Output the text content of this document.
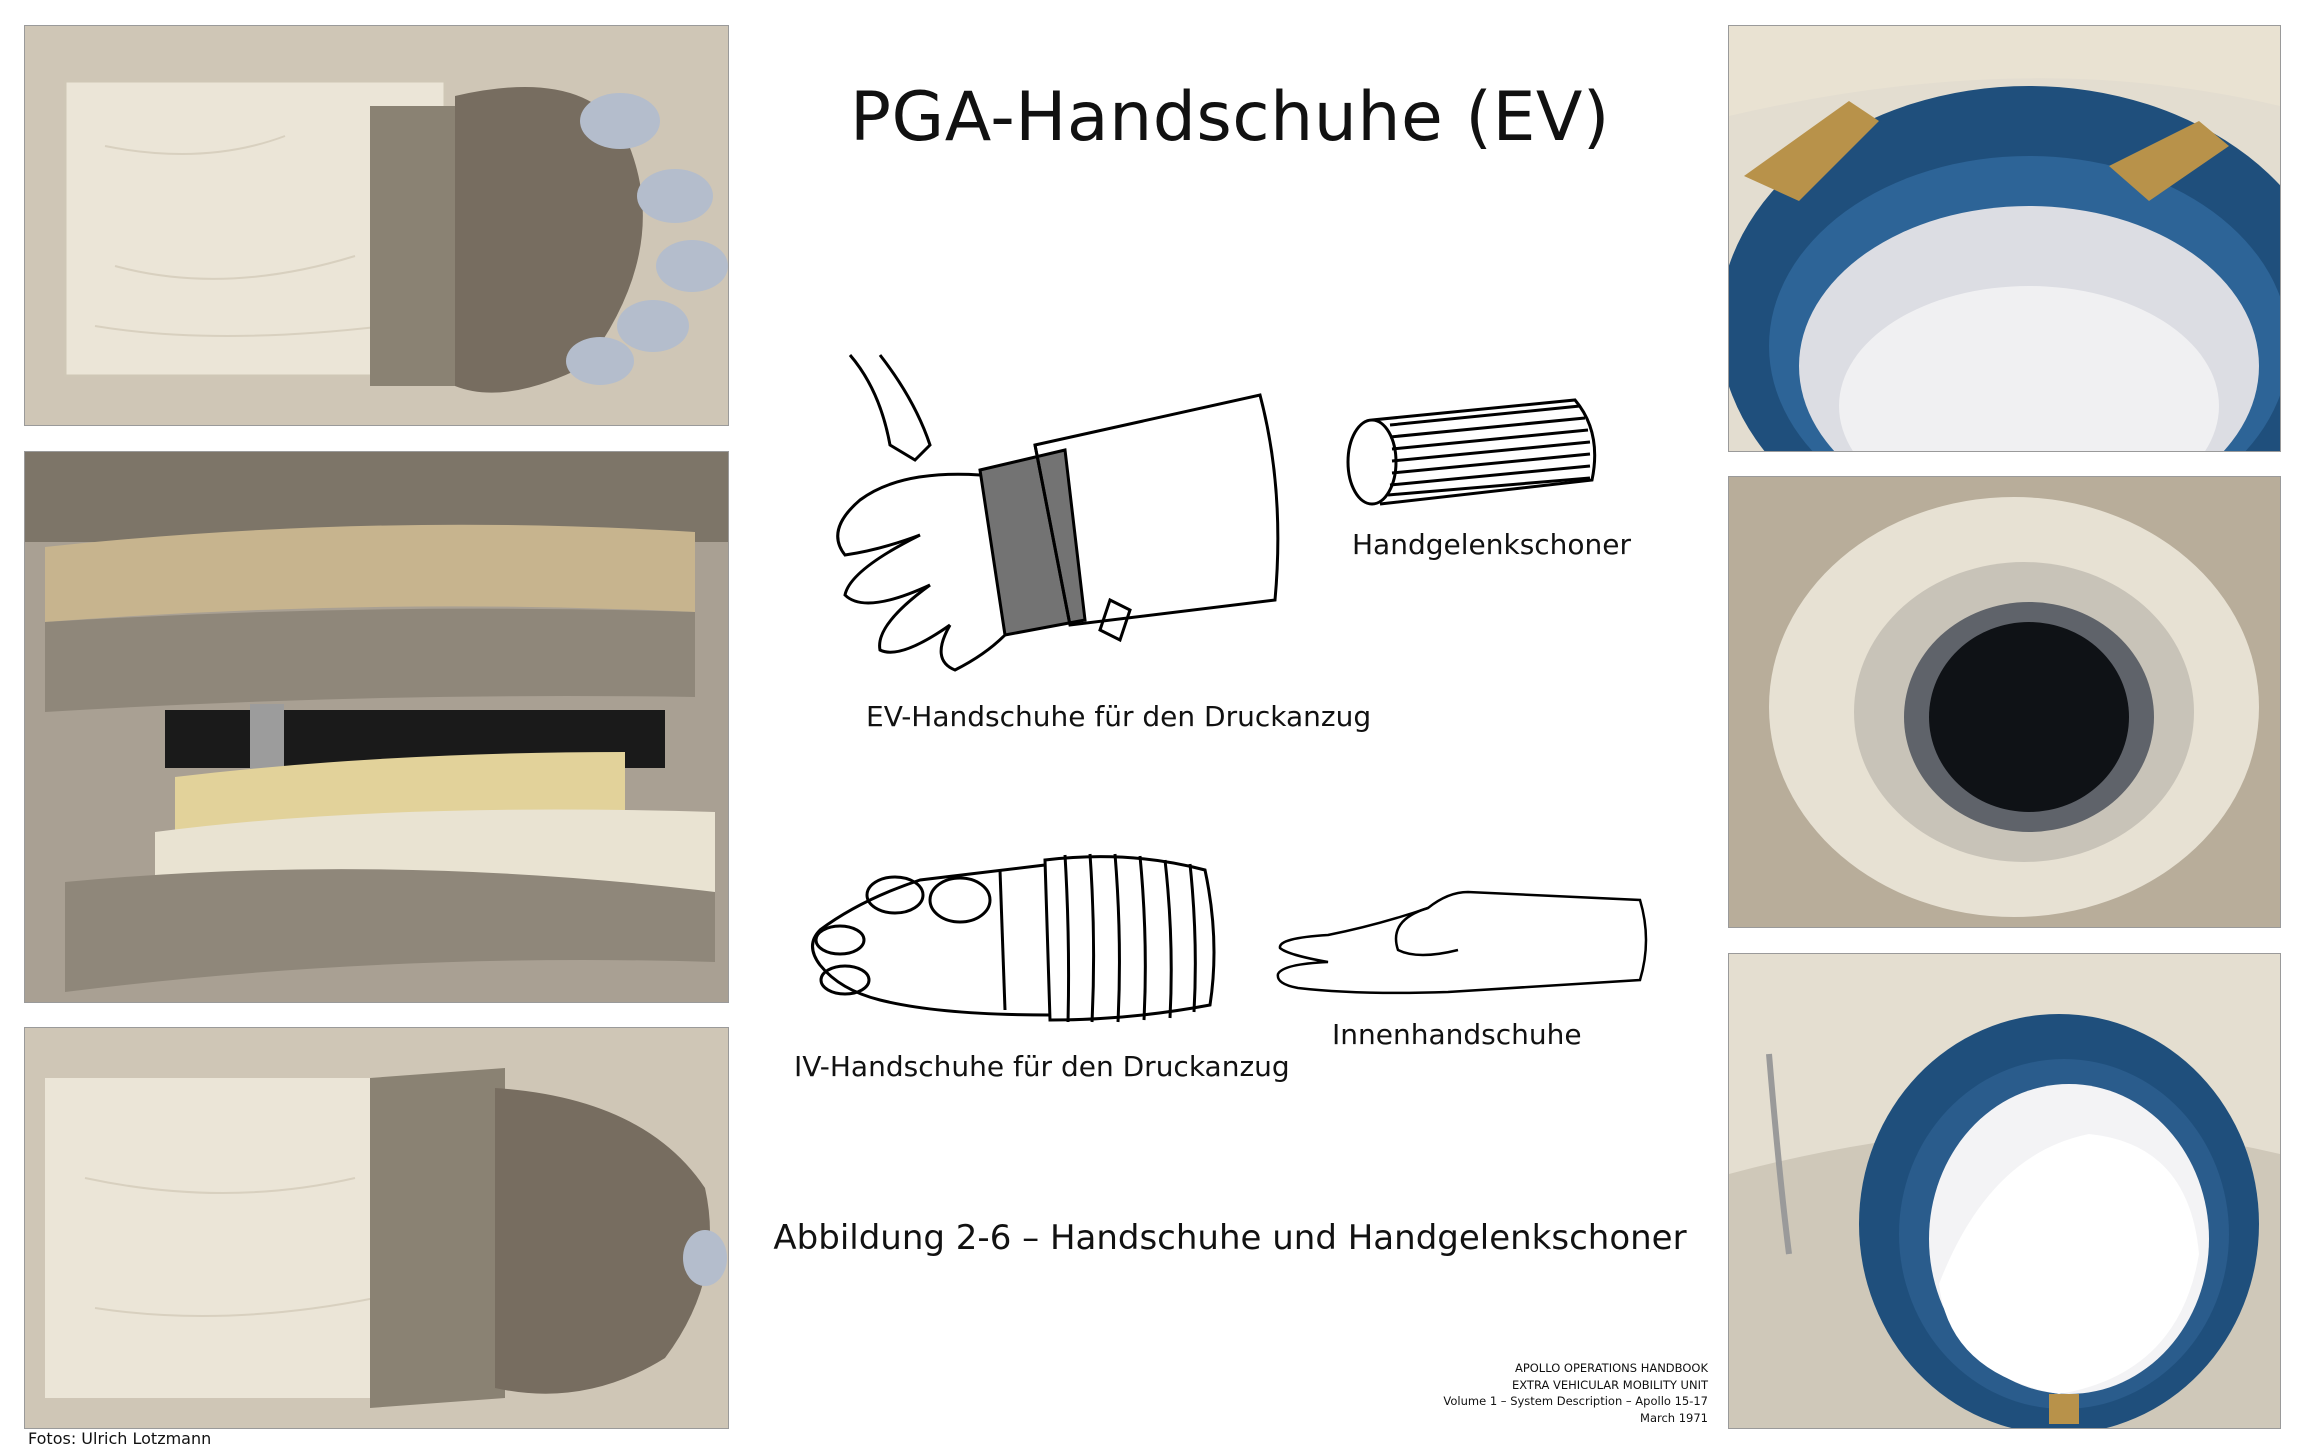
PGA-Handschuhe (EV)
EV-Handschuhe für den Druckanzug
Handgelenkschoner
IV-Handschuhe für den Druckanzug
Innenhandschuhe
Abbildung 2-6 – Handschuhe und Handgelenkschoner
APOLLO OPERATIONS HANDBOOK
EXTRA VEHICULAR MOBILITY UNIT
Volume 1 – System Description – Apollo 15-17
March 1971
Fotos: Ulrich Lotzmann
